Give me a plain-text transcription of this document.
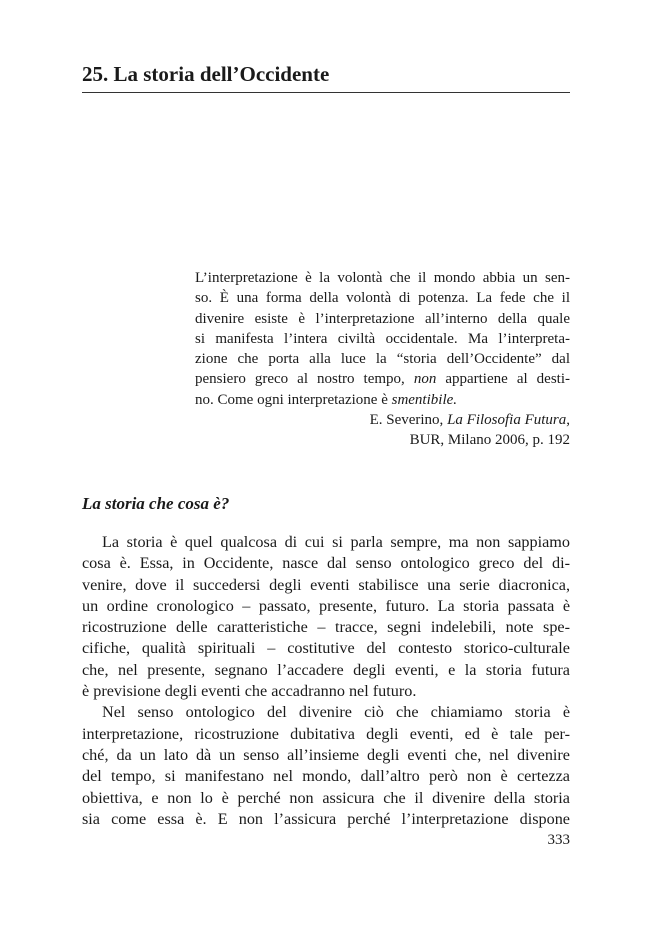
25. La storia dell’Occidente
L’interpretazione è la volontà che il mondo abbia un sen-
so. È una forma della volontà di potenza. La fede che il
divenire esiste è l’interpretazione all’interno della quale
si manifesta l’intera civiltà occidentale. Ma l’interpreta-
zione che porta alla luce la “storia dell’Occidente” dal
pensiero greco al nostro tempo, non appartiene al desti-
no. Come ogni interpretazione è smentibile.
E. Severino, La Filosofia Futura,
BUR, Milano 2006, p. 192
La storia che cosa è?
La storia è quel qualcosa di cui si parla sempre, ma non sappiamo
cosa è. Essa, in Occidente, nasce dal senso ontologico greco del di-
venire, dove il succedersi degli eventi stabilisce una serie diacronica,
un ordine cronologico – passato, presente, futuro. La storia passata è
ricostruzione delle caratteristiche – tracce, segni indelebili, note spe-
cifiche, qualità spirituali – costitutive del contesto storico-culturale
che, nel presente, segnano l’accadere degli eventi, e la storia futura
è previsione degli eventi che accadranno nel futuro.
Nel senso ontologico del divenire ciò che chiamiamo storia è
interpretazione, ricostruzione dubitativa degli eventi, ed è tale per-
ché, da un lato dà un senso all’insieme degli eventi che, nel divenire
del tempo, si manifestano nel mondo, dall’altro però non è certezza
obiettiva, e non lo è perché non assicura che il divenire della storia
sia come essa è. E non l’assicura perché l’interpretazione dispone
333
